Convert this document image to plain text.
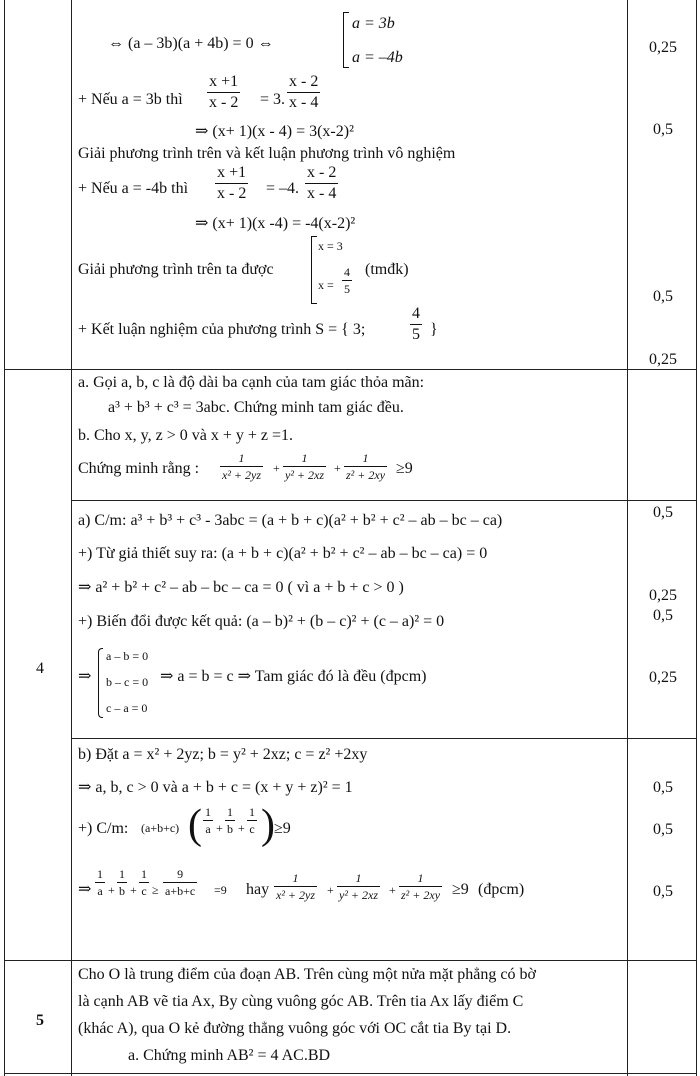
⇔ (a – 3b)(a + 4b) = 0 ⇔
a = 3b
a = –4b
+ Nếu a = 3b thì $\frac{x +1}{x - 2} = 3$. $\frac{x - 2}{x - 4}$
⇒ (x+ 1)(x - 4) = 3(x-2)²
Giải phương trình trên và kết luận phương trình vô nghiệm
+ Nếu a = -4b thì $\frac{x +1}{x - 2} = -4$. $\frac{x - 2}{x - 4}$
⇒ (x+ 1)(x -4) = -4(x-2)²
Giải phương trình trên ta được
x = 3
$x = \frac{4}{5}$ (tmđk)
+ Kết luận nghiệm của phương trình S = { 3;	$\frac{4}{5}$ }
0,25
0,5
0,5
0,25
4
a. Gọi a, b, c là độ dài ba cạnh của tam giác thỏa mãn:
a³ + b³ + c³ = 3abc. Chứng minh tam giác đều.
b. Cho x, y, z > 0 và x + y + z =1.
Chứng minh rằng : $\frac{1}{\text{x² + 2yz}} + \frac{1}{\text{y² + 2xz}} + \frac{1}{\text{z² + 2xy}} \ge 9$
a) C/m: a³ + b³ + c³ - 3abc = (a + b + c)(a² + b² + c² – ab – bc – ca)
+) Từ giả thiết suy ra: (a + b + c)(a² + b² + c² – ab – bc – ca) = 0
⇒ a² + b² + c² – ab – bc – ca = 0 ( vì a + b + c > 0 )
+) Biến đổi được kết quả: (a – b)² + (b – c)² + (c – a)² = 0
⇒
a – b = 0
b – c = 0
c – a = 0
⇒ a = b = c ⇒ Tam giác đó là đều (đpcm)
0,5
0,25
0,5
0,25
b) Đặt a = x² + 2yz; b = y² + 2xz; c = z² +2xy
⇒ a, b, c > 0 và a + b + c = (x + y + z)² = 1
+) C/m: (a+b+c) ( $\frac{1}{a} + \frac{1}{b} + \frac{1}{c}$ ) ≥9
⇒ $\frac{1}{a} + \frac{1}{b} + \frac{1}{c} \ge \frac{9}{a+b+c} =9$ hay $\frac{1}{\text{x² + 2yz}} + \frac{1}{\text{y² + 2xz}} + \frac{1}{\text{z² + 2xy}} \ge 9$ (đpcm)
0,5
0,5
0,5
5
Cho O là trung điểm của đoạn AB. Trên cùng một nửa mặt phẳng có bờ
là cạnh AB vẽ tia Ax, By cùng vuông góc AB. Trên tia Ax lấy điểm C
(khác A), qua O kẻ đường thẳng vuông góc với OC cắt tia By tại D.
a. Chứng minh AB² = 4 AC.BD
